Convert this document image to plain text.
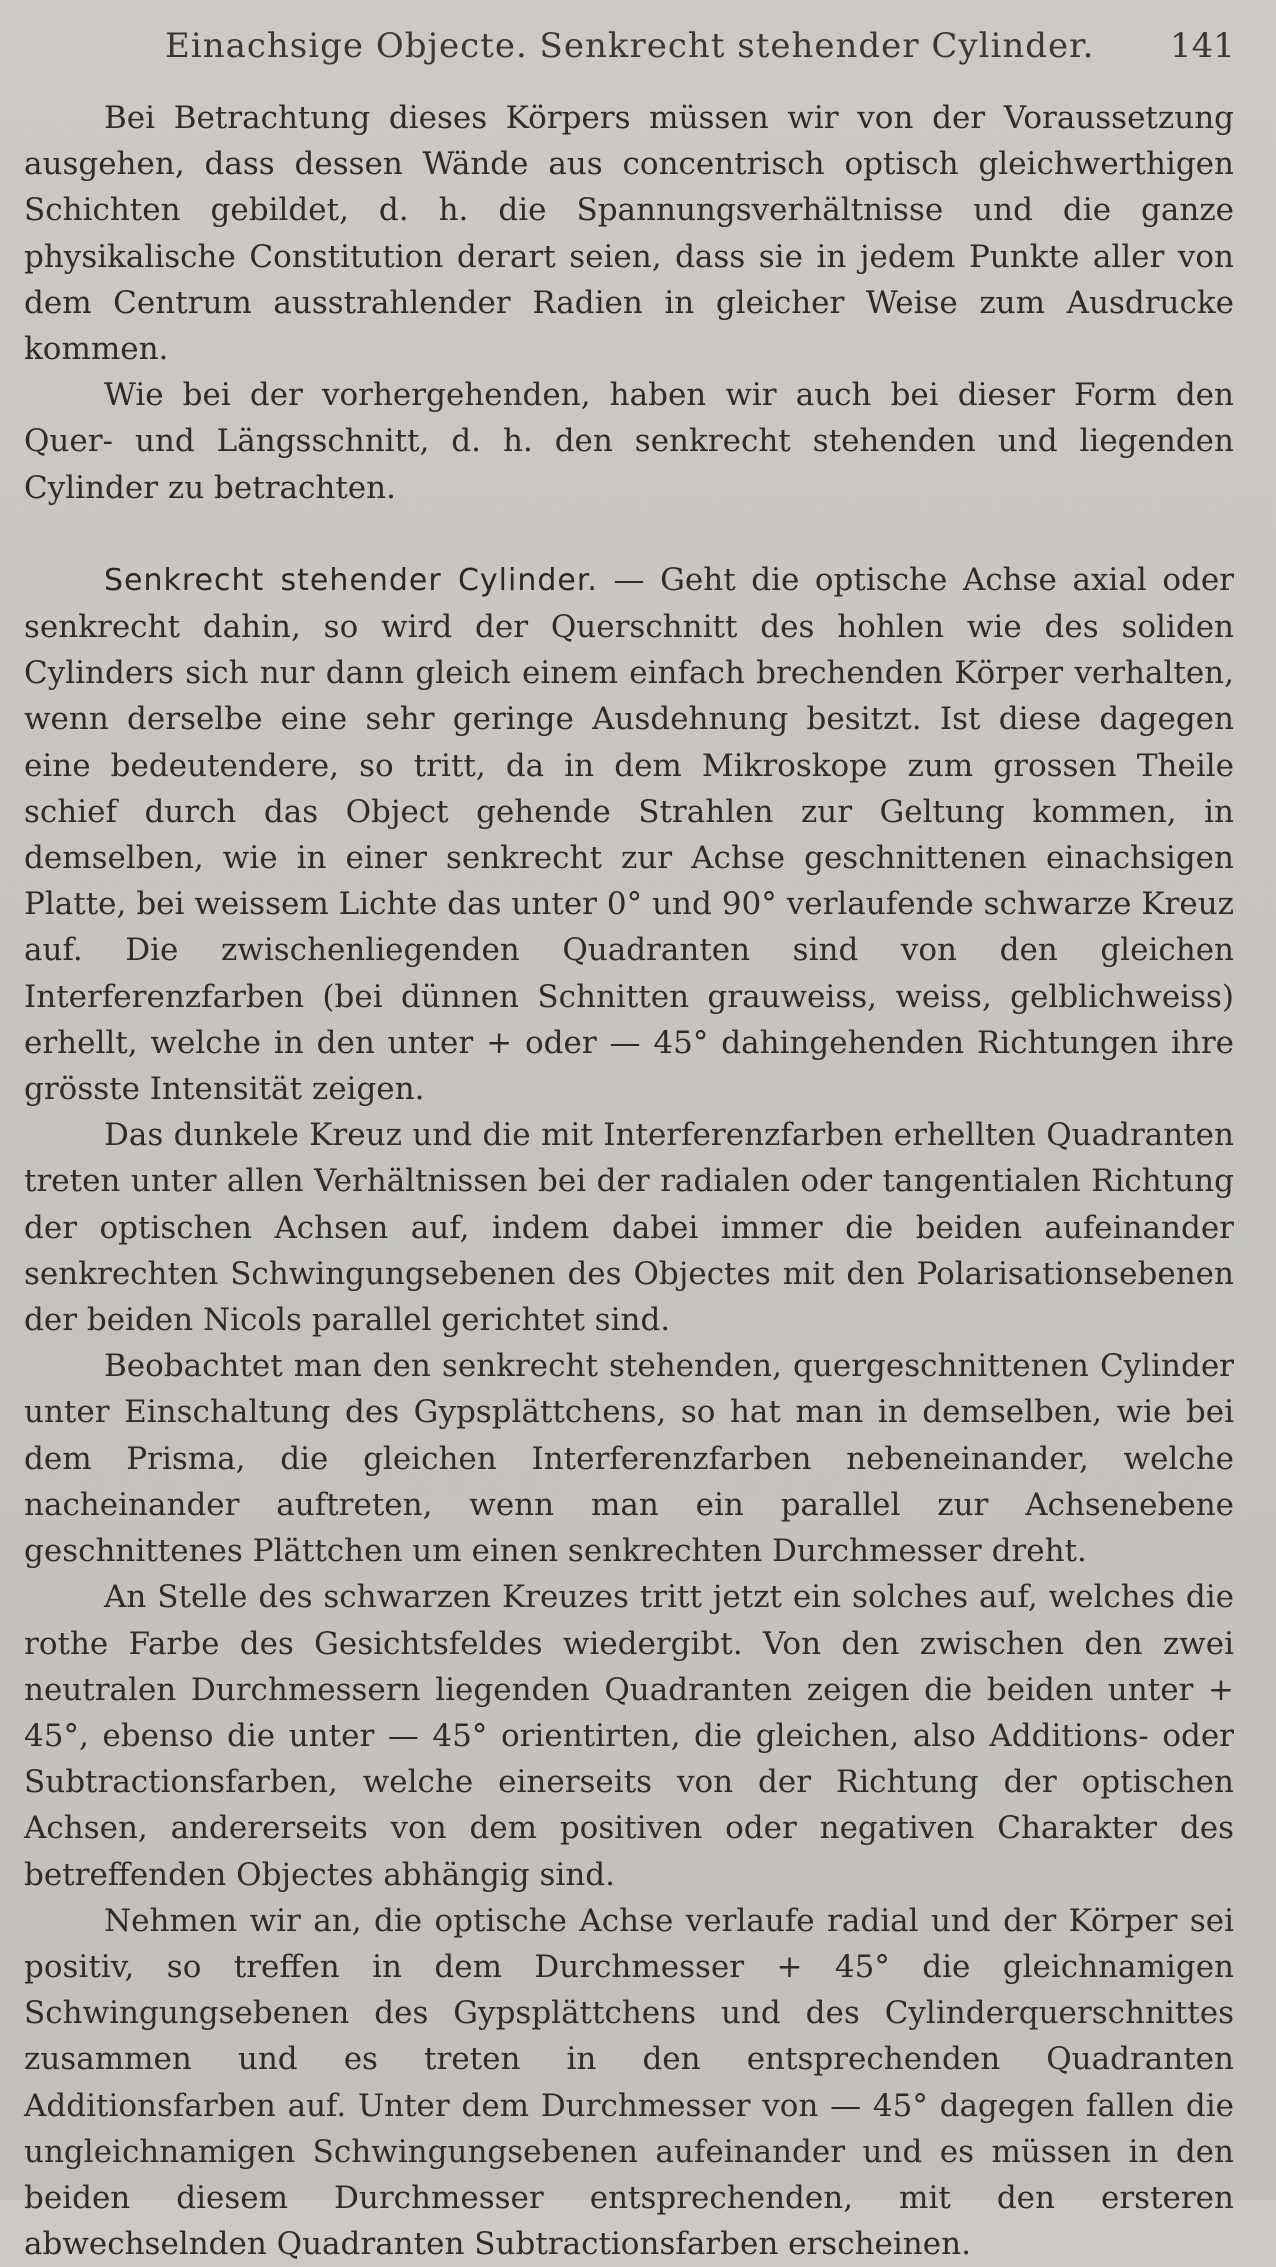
Einachsige Objecte. Senkrecht stehender Cylinder. 141

Bei Betrachtung dieses Körpers müssen wir von der Voraussetzung ausgehen, dass dessen Wände aus concentrisch optisch gleichwerthigen Schichten gebildet, d. h. die Spannungsverhältnisse und die ganze physikalische Constitution derart seien, dass sie in jedem Punkte aller von dem Centrum ausstrahlender Radien in gleicher Weise zum Ausdrucke kommen.

Wie bei der vorhergehenden, haben wir auch bei dieser Form den Quer- und Längsschnitt, d. h. den senkrecht stehenden und liegenden Cylinder zu betrachten.

Senkrecht stehender Cylinder. — Geht die optische Achse axial oder senkrecht dahin, so wird der Querschnitt des hohlen wie des soliden Cylinders sich nur dann gleich einem einfach brechenden Körper verhalten, wenn derselbe eine sehr geringe Ausdehnung besitzt. Ist diese dagegen eine bedeutendere, so tritt, da in dem Mikroskope zum grossen Theile schief durch das Object gehende Strahlen zur Geltung kommen, in demselben, wie in einer senkrecht zur Achse geschnittenen einachsigen Platte, bei weissem Lichte das unter 0° und 90° verlaufende schwarze Kreuz auf. Die zwischenliegenden Quadranten sind von den gleichen Interferenzfarben (bei dünnen Schnitten grauweiss, weiss, gelblichweiss) erhellt, welche in den unter + oder — 45° dahingehenden Richtungen ihre grösste Intensität zeigen.

Das dunkele Kreuz und die mit Interferenzfarben erhellten Quadranten treten unter allen Verhältnissen bei der radialen oder tangentialen Richtung der optischen Achsen auf, indem dabei immer die beiden aufeinander senkrechten Schwingungsebenen des Objectes mit den Polarisationsebenen der beiden Nicols parallel gerichtet sind.

Beobachtet man den senkrecht stehenden, quergeschnittenen Cylinder unter Einschaltung des Gypsplättchens, so hat man in demselben, wie bei dem Prisma, die gleichen Interferenzfarben nebeneinander, welche nacheinander auftreten, wenn man ein parallel zur Achsenebene geschnittenes Plättchen um einen senkrechten Durchmesser dreht.

An Stelle des schwarzen Kreuzes tritt jetzt ein solches auf, welches die rothe Farbe des Gesichtsfeldes wiedergibt. Von den zwischen den zwei neutralen Durchmessern liegenden Quadranten zeigen die beiden unter + 45°, ebenso die unter — 45° orientirten, die gleichen, also Additions- oder Subtractionsfarben, welche einerseits von der Richtung der optischen Achsen, andererseits von dem positiven oder negativen Charakter des betreffenden Objectes abhängig sind.

Nehmen wir an, die optische Achse verlaufe radial und der Körper sei positiv, so treffen in dem Durchmesser + 45° die gleichnamigen Schwingungsebenen des Gypsplättchens und des Cylinderquerschnittes zusammen und es treten in den entsprechenden Quadranten Additionsfarben auf. Unter dem Durchmesser von — 45° dagegen fallen die ungleichnamigen Schwingungsebenen aufeinander und es müssen in den beiden diesem Durchmesser entsprechenden, mit den ersteren abwechselnden Quadranten Subtractionsfarben erscheinen.
